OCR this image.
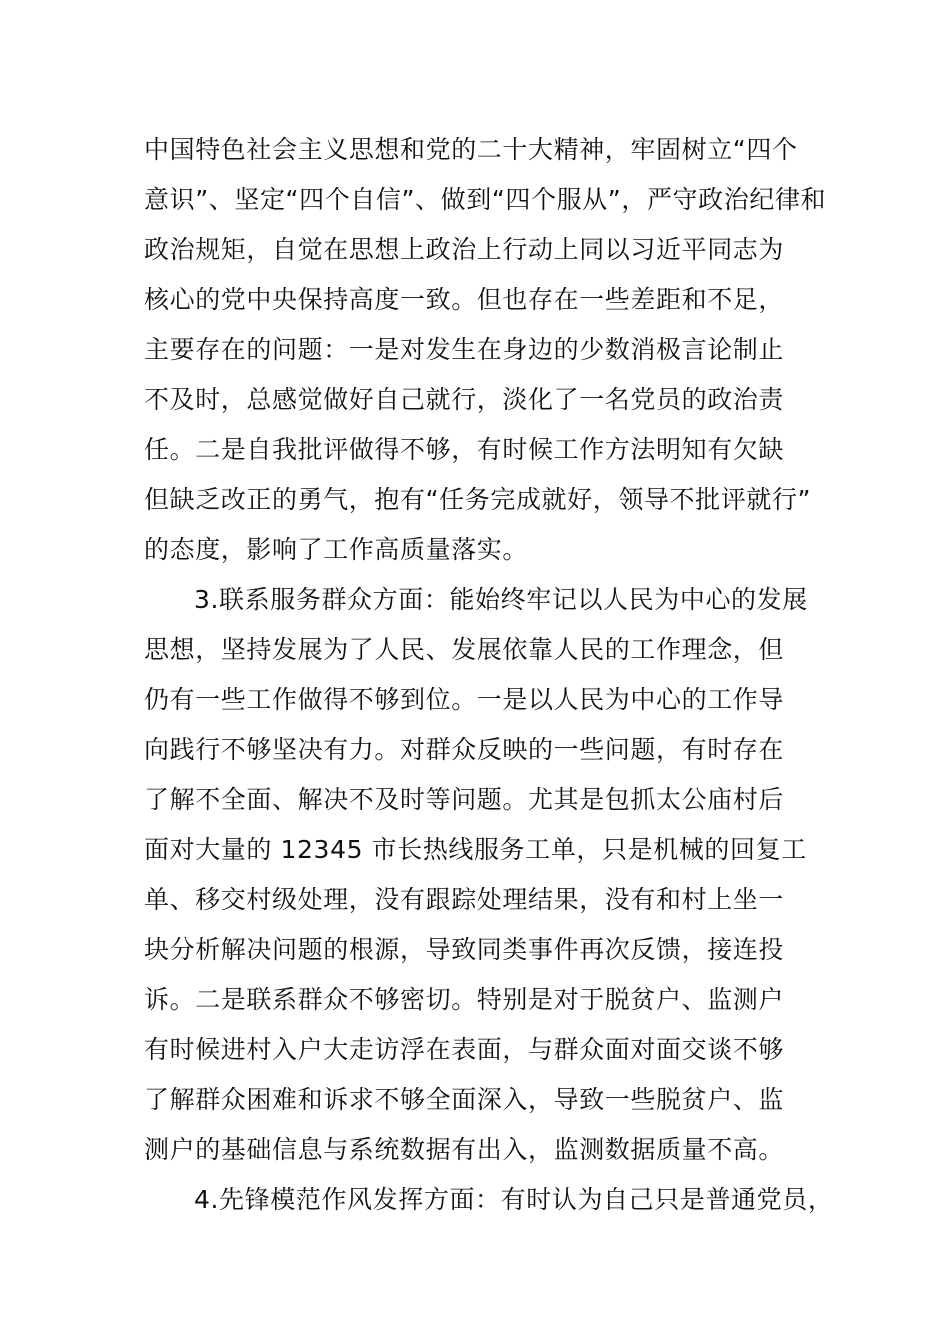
中国特色社会主义思想和党的二十大精神，牢固树立“四个
意识”、坚定“四个自信”、做到“四个服从”，严守政治纪律和
政治规矩，自觉在思想上政治上行动上同以习近平同志为
核心的党中央保持高度一致。但也存在一些差距和不足，
主要存在的问题：一是对发生在身边的少数消极言论制止
不及时，总感觉做好自己就行，淡化了一名党员的政治责
任。二是自我批评做得不够，有时候工作方法明知有欠缺
但缺乏改正的勇气，抱有“任务完成就好，领导不批评就行”
的态度，影响了工作高质量落实。
3.联系服务群众方面：能始终牢记以人民为中心的发展
思想，坚持发展为了人民、发展依靠人民的工作理念，但
仍有一些工作做得不够到位。一是以人民为中心的工作导
向践行不够坚决有力。对群众反映的一些问题，有时存在
了解不全面、解决不及时等问题。尤其是包抓太公庙村后
面对大量的 12345 市长热线服务工单，只是机械的回复工
单、移交村级处理，没有跟踪处理结果，没有和村上坐一
块分析解决问题的根源，导致同类事件再次反馈，接连投
诉。二是联系群众不够密切。特别是对于脱贫户、监测户
有时候进村入户大走访浮在表面，与群众面对面交谈不够
了解群众困难和诉求不够全面深入，导致一些脱贫户、监
测户的基础信息与系统数据有出入，监测数据质量不高。
4.先锋模范作风发挥方面：有时认为自己只是普通党员，
